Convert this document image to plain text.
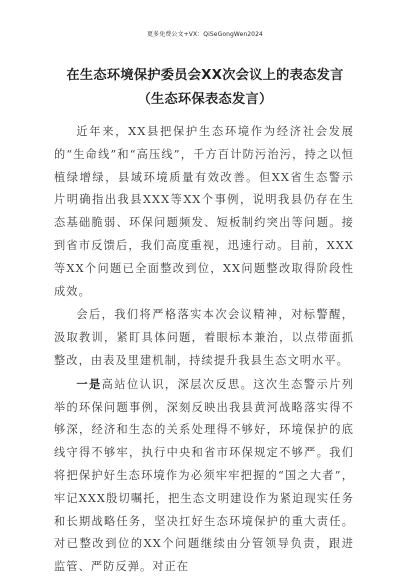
更多免费公文+VX：QiSeGongWen2024
在生态环境保护委员会XX次会议上的表态发言（生态环保表态发言）

近年来，XX县把保护生态环境作为经济社会发展的“生命线”和“高压线”，千方百计防污治污，持之以恒植绿增绿，县域环境质量有效改善。但XX省生态警示片明确指出我县XXX等XX个事例，说明我县仍存在生态基础脆弱、环保问题频发、短板制约突出等问题。接到省市反馈后，我们高度重视，迅速行动。目前，XXX等XX个问题已全面整改到位，XX问题整改取得阶段性成效。

会后，我们将严格落实本次会议精神，对标警醒，汲取教训，紧盯具体问题，着眼标本兼治，以点带面抓整改，由表及里建机制，持续提升我县生态文明水平。

一是高站位认识，深层次反思。这次生态警示片列举的环保问题事例，深刻反映出我县黄河战略落实得不够深，经济和生态的关系处理得不够好，环境保护的底线守得不够牢，执行中央和省市环保规定不够严。我们将把保护好生态环境作为必须牢牢把握的“国之大者”，牢记XXX殷切嘱托，把生态文明建设作为紧迫现实任务和长期战略任务，坚决扛好生态环境保护的重大责任。对已整改到位的XX个问题继续由分管领导负责，跟进监管、严防反弹。对正在
